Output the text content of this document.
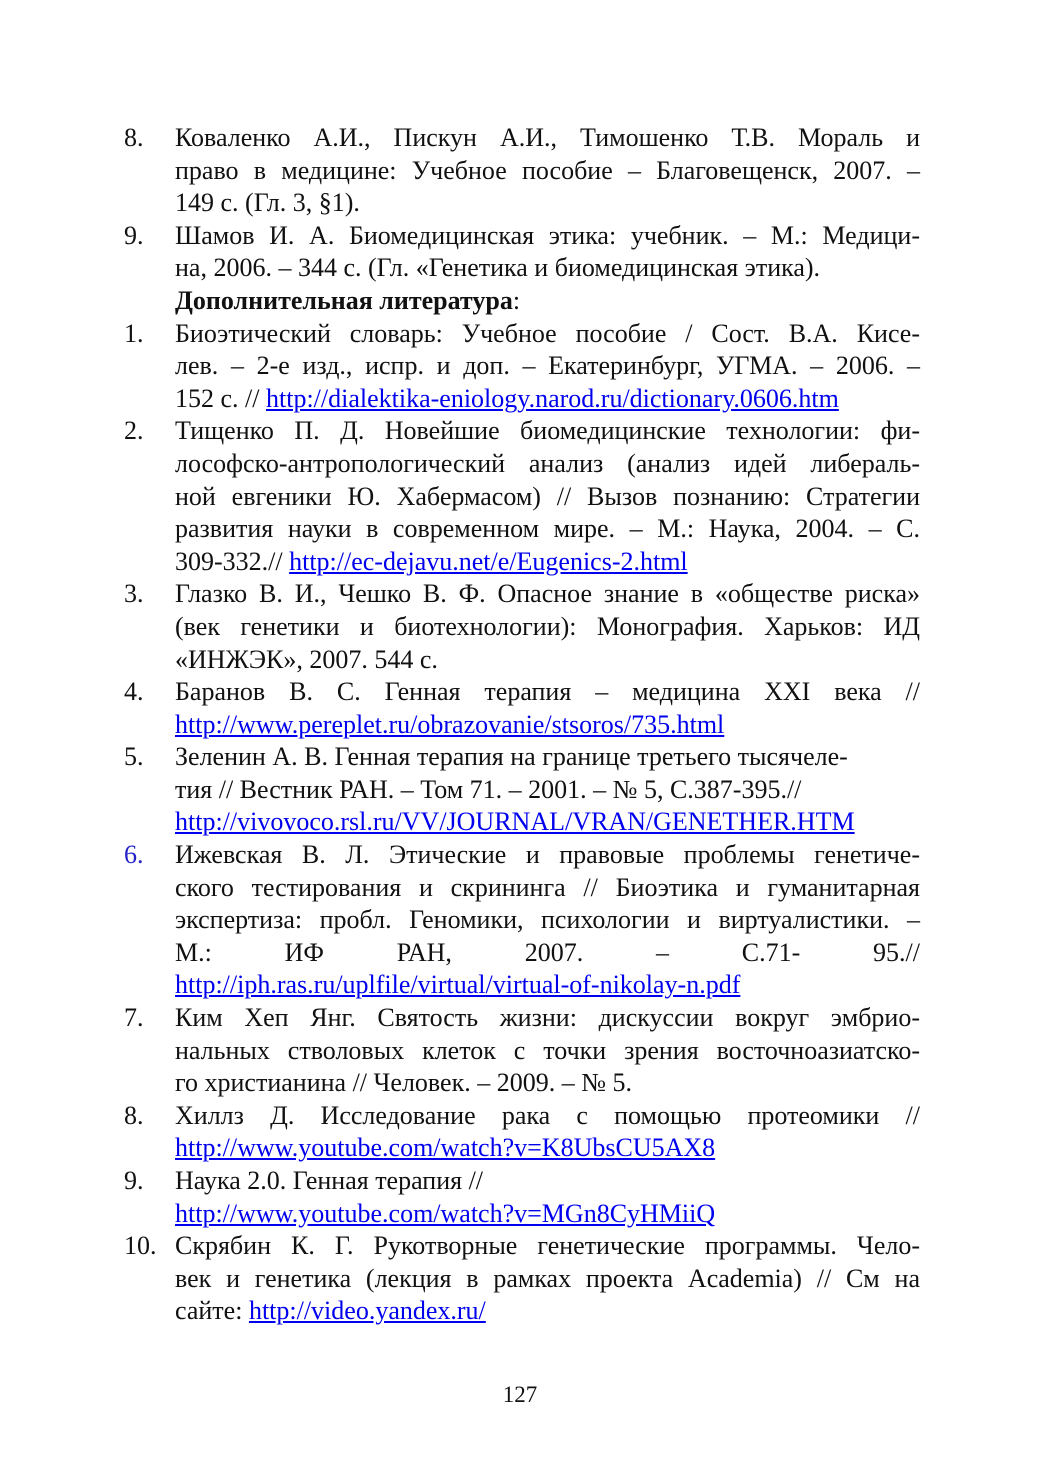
8.	Коваленко А.И., Пискун А.И., Тимошенко Т.В. Мораль и
право в медицине: Учебное пособие – Благовещенск, 2007. –
149 с. (Гл. 3, §1).
9.	Шамов И. А. Биомедицинская этика: учебник. – М.: Медици-
на, 2006. – 344 с. (Гл. «Генетика и биомедицинская этика).
Дополнительная литература:
1.	Биоэтический словарь: Учебное пособие / Сост. В.А. Кисе-
лев. – 2-е изд., испр. и доп. – Екатеринбург, УГМА. – 2006. –
152 с. // http://dialektika-eniology.narod.ru/dictionary.0606.htm
2.	Тищенко П. Д. Новейшие биомедицинские технологии: фи-
лософско-антропологический анализ (анализ идей либераль-
ной евгеники Ю. Хабермасом) // Вызов познанию: Стратегии
развития науки в современном мире. – М.: Наука, 2004. – С.
309-332.// http://ec-dejavu.net/e/Eugenics-2.html
3.	Глазко В. И., Чешко В. Ф. Опасное знание в «обществе риска»
(век генетики и биотехнологии): Монография. Харьков: ИД
«ИНЖЭК», 2007. 544 с.
4.	Баранов В. С. Генная терапия – медицина XXI века //
http://www.pereplet.ru/obrazovanie/stsoros/735.html
5.	Зеленин А. В. Генная терапия на границе третьего тысячеле-
тия // Вестник РАН. – Том 71. – 2001. – № 5, С.387-395.//
http://vivovoco.rsl.ru/VV/JOURNAL/VRAN/GENETHER.HTM
6.	Ижевская В. Л. Этические и правовые проблемы генетиче-
ского тестирования и скрининга // Биоэтика и гуманитарная
экспертиза: пробл. Геномики, психологии и виртуалистики. –
М.: ИФ РАН, 2007. – С.71- 95.//
http://iph.ras.ru/uplfile/virtual/virtual-of-nikolay-n.pdf
7.	Ким Хеп Янг. Святость жизни: дискуссии вокруг эмбрио-
нальных стволовых клеток с точки зрения восточноазиатско-
го христианина // Человек. – 2009. – № 5.
8.	Хиллз Д. Исследование рака с помощью протеомики //
http://www.youtube.com/watch?v=K8UbsCU5AX8
9.	Наука 2.0. Генная терапия //
http://www.youtube.com/watch?v=MGn8CyHMiiQ
10. Скрябин К. Г. Рукотворные генетические программы. Чело-
век и генетика (лекция в рамках проекта Academia) // См на
сайте: http://video.yandex.ru/
127
